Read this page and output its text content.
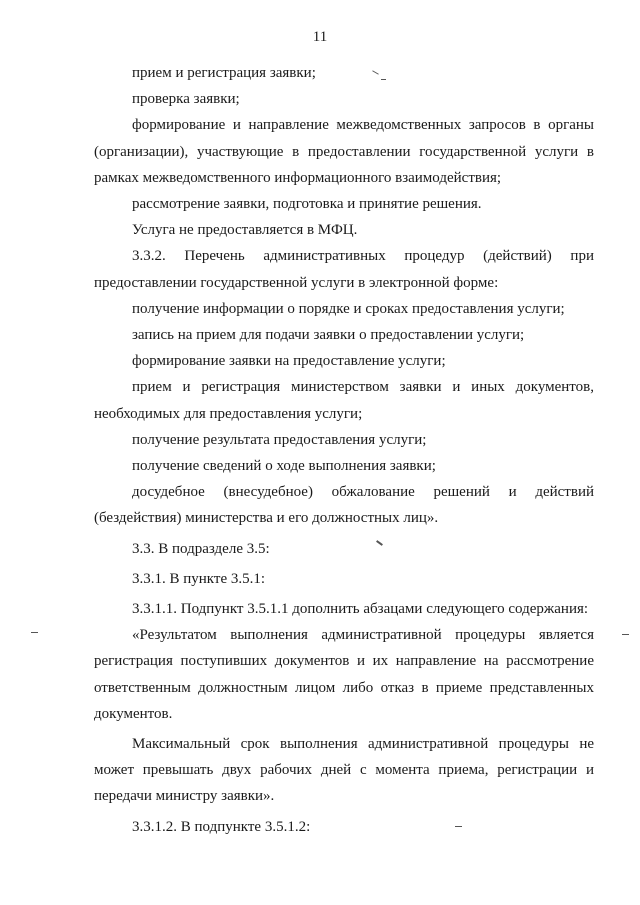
11

прием и регистрация заявки;

проверка заявки;

формирование и направление межведомственных запросов в органы (организации), участвующие в предоставлении государственной услуги в рамках межведомственного информационного взаимодействия;

рассмотрение заявки, подготовка и принятие решения.

Услуга не предоставляется в МФЦ.

3.3.2. Перечень административных процедур (действий) при предоставлении государственной услуги в электронной форме:

получение информации о порядке и сроках предоставления услуги;

запись на прием для подачи заявки о предоставлении услуги;

формирование заявки на предоставление услуги;

прием и регистрация министерством заявки и иных документов, необходимых для предоставления услуги;

получение результата предоставления услуги;

получение сведений о ходе выполнения заявки;

досудебное (внесудебное) обжалование решений и действий (бездействия) министерства и его должностных лиц».

3.3. В подразделе 3.5:

3.3.1. В пункте 3.5.1:

3.3.1.1. Подпункт 3.5.1.1 дополнить абзацами следующего содержания:

«Результатом выполнения административной процедуры является регистрация поступивших документов и их направление на рассмотрение ответственным должностным лицом либо отказ в приеме представленных документов.

Максимальный срок выполнения административной процедуры не может превышать двух рабочих дней с момента приема, регистрации и передачи министру заявки».

3.3.1.2. В подпункте 3.5.1.2:
